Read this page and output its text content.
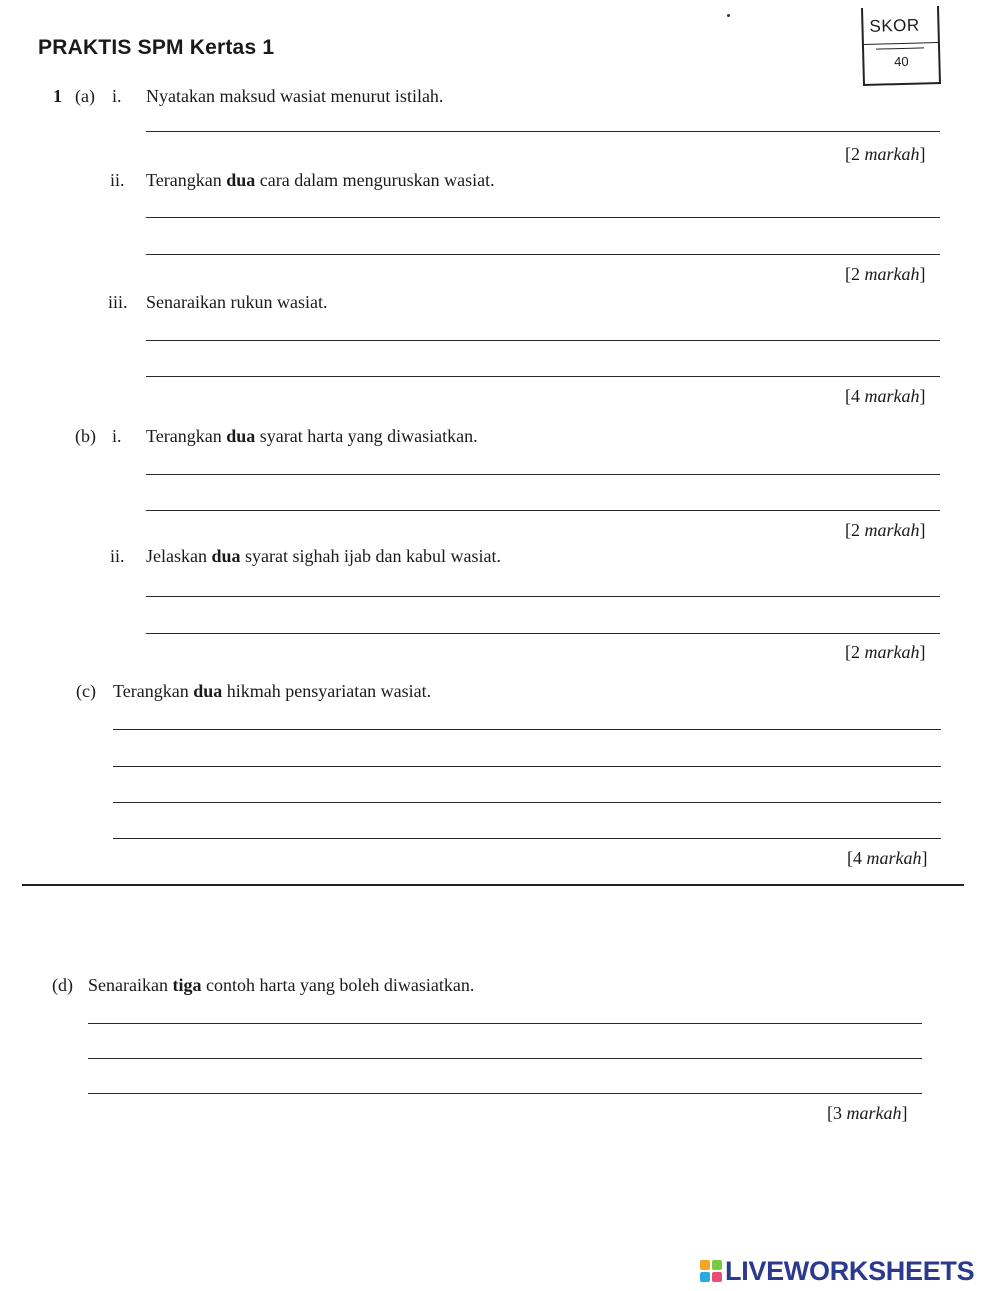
PRAKTIS SPM Kertas 1
SKOR
40
1 (a) i. Nyatakan maksud wasiat menurut istilah.
[2 markah]
ii. Terangkan dua cara dalam menguruskan wasiat.
[2 markah]
iii. Senaraikan rukun wasiat.
[4 markah]
(b) i. Terangkan dua syarat harta yang diwasiatkan.
[2 markah]
ii. Jelaskan dua syarat sighah ijab dan kabul wasiat.
[2 markah]
(c) Terangkan dua hikmah pensyariatan wasiat.
[4 markah]
(d) Senaraikan tiga contoh harta yang boleh diwasiatkan.
[3 markah]
LIVEWORKSHEETS
